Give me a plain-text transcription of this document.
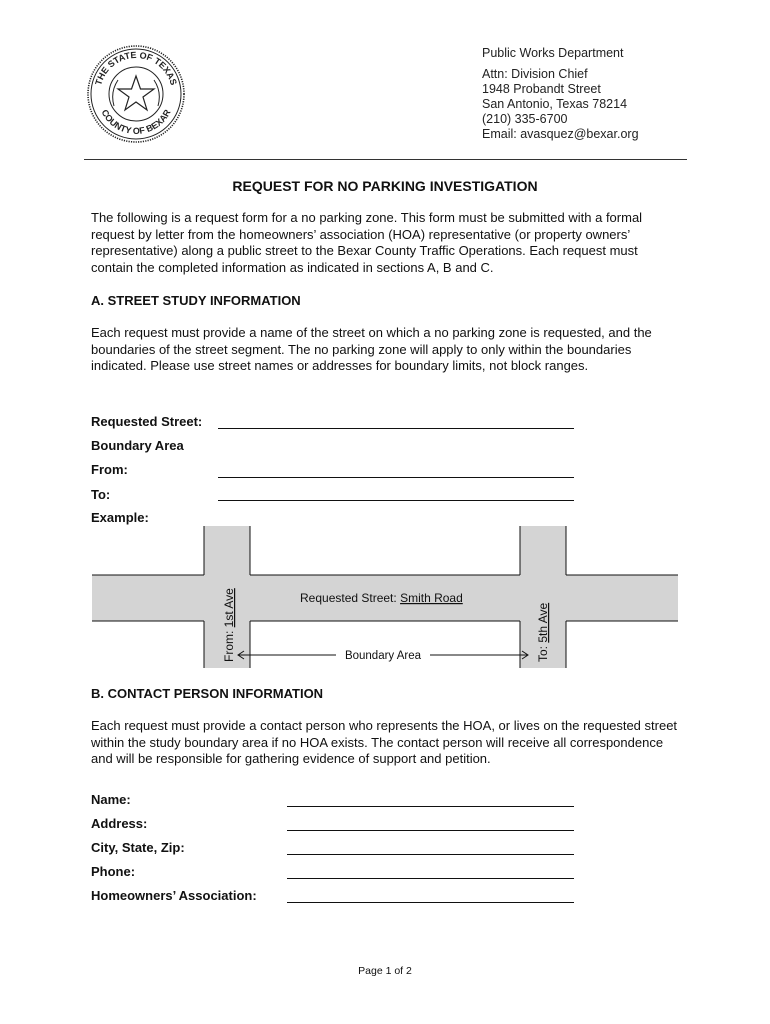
THE STATE OF TEXAS
COUNTY OF BEXAR
Public Works Department
Attn: Division Chief
1948 Probandt Street
San Antonio, Texas 78214
(210) 335-6700
Email: avasquez@bexar.org
REQUEST FOR NO PARKING INVESTIGATION
The following is a request form for a no parking zone. This form must be submitted with a formal request by letter from the homeowners’ association (HOA) representative (or property owners’ representative) along a public street to the Bexar County Traffic Operations. Each request must contain the completed information as indicated in sections A, B and C.
A. STREET STUDY INFORMATION
Each request must provide a name of the street on which a no parking zone is requested, and the boundaries of the street segment. The no parking zone will apply to only within the boundaries indicated. Please use street names or addresses for boundary limits, not block ranges.
Requested Street:
Boundary Area
From:
To:
Example:
Requested Street: Smith Road
From: 1st Ave
To: 5th Ave
Boundary Area
B. CONTACT PERSON INFORMATION
Each request must provide a contact person who represents the HOA, or lives on the requested street within the study boundary area if no HOA exists. The contact person will receive all correspondence and will be responsible for gathering evidence of support and petition.
Name:
Address:
City, State, Zip:
Phone:
Homeowners’ Association:
Page 1 of 2
